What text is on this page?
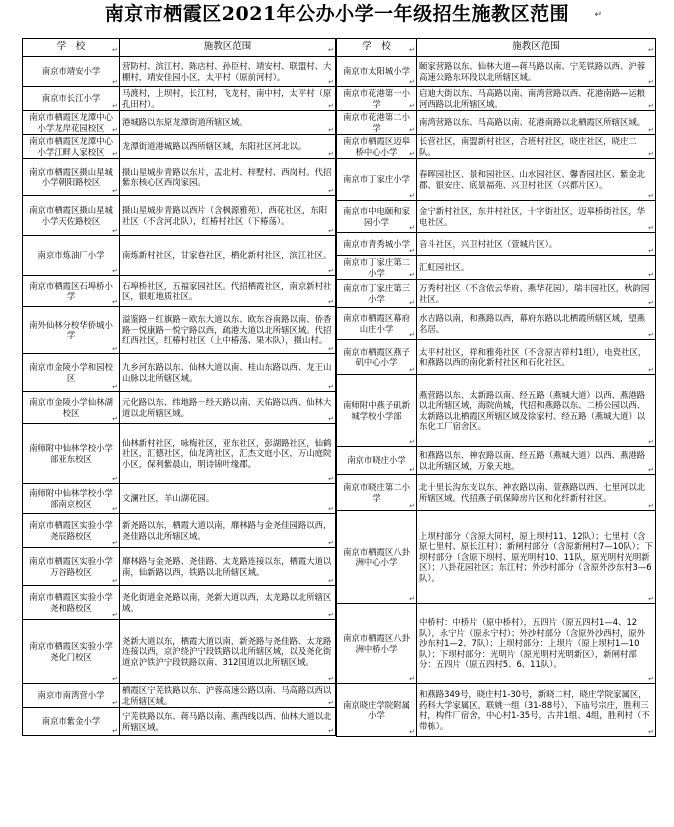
南京市栖霞区2021年公办小学一年级招生施教区范围	↵
学　校 ↵	施教区范围 ↵
南京市靖安小学 ↵	营防村、滨江村、陈店村、孙臣村、靖安村、联盟村、大棚村，靖安佳园小区，太平村（原前河村）。 ↵
南京市长江小学 ↵	马渡村，上坝村，长江村，飞龙村，南中村，太平村（原孔田村）。 ↵
南京市栖霞区龙潭中心小学龙岸花园校区 ↵	港城路以东原龙潭街道所辖区域。 ↵
南京市栖霞区龙潭中心小学江畔人家校区 ↵	龙潭街道港城路以西所辖区域，东阳社区河北以。 ↵
南京市栖霞区摄山星城小学朝阳路校区 ↵	摄山星城步青路以东片，盂北村、梓墅村、西岗村。代招紫东核心区西岗家园。 ↵
南京市栖霞区摄山星城小学天佐路校区 ↵	摄山星城步青路以西片（含枫源雅苑），西花社区，东阳社区（不含河北队），红椿村社区（下椿荡）。 ↵
南京市炼油厂小学 ↵	南炼新村社区，甘家巷社区，栖化新村社区，滨江社区。 ↵
南京市栖霞区石埠桥小学 ↵	石埠桥社区，五福家园社区。代招栖霞社区，南京新村社区，银虹地质社区。 ↵
南外仙林分校华侨城小学 ↵	溢鉴路－红旗路－欧东大道以东、欧东谷南路以南、侨香路－悦康路－悦宁路以西，疏港大道以北所辖区域。代招红西社区，红椿村社区（上中椿荡、果木队），摄山村。 ↵
南京市金陵小学和园校区 ↵	九乡河东路以东、仙林大道以南、桂山东路以西、龙王山山脉以北所辖区域。 ↵
南京市金陵小学仙林湖校区 ↵	元化路以东、纬地路－经天路以南、天佑路以西、仙林大道以北所辖区域。 ↵
南师附中仙林学校小学部亚东校区 ↵	仙林新村社区，咏梅社区，亚东社区，彭湖路社区，仙鹤社区，汇德社区，仙龙湾社区，汇杰文庭小区，万山庭院小区，保利紫晨山，明诗锦叶缘郡。 ↵
南师附中仙林学校小学部南京校区 ↵	文澜社区，羊山湖花园。 ↵
南京市栖霞区实验小学尧辰路校区 ↵	新尧路以东，栖霞大道以南，靡林路与金尧佳园路以西，尧佳路以北所辖区域。 ↵
南京市栖霞区实验小学万谷路校区 ↵	靡林路与金尧路、尧佳路、太龙路连接以东，栖霞大道以南，仙新路以西，铁路以北所辖区域。 ↵
南京市栖霞区实验小学尧和路校区 ↵	尧化街道金尧路以南，尧新大道以西，太龙路以北所辖区域。 ↵
南京市栖霞区实验小学尧化门校区 ↵	尧新大道以东，栖霞大道以南，新尧路与尧佳路、太龙路连接以西，京沪绕沪宁段铁路以北所辖区域，以及尧化街道京沪铁沪宁段铁路以南、312国道以北所辖区域。 ↵
南京市南湾营小学 ↵	栖霞区宁芜铁路以东、沪蓉高速公路以南、马高路以西以北所辖区域。 ↵
南京市紫金小学 ↵	宁芜铁路以东、蒋马路以南、燕西线以西、仙林大道以北所辖区域。 ↵
学　校 ↵	施教区范围 ↵
南京市太阳城小学 ↵	颐家营路以东、仙林大道—蒋马路以南、宁芜铁路以西、沪蓉高速公路东环段以北所辖区域。 ↵
南京市花港第一小学 ↵	启迪大街以东、马高路以南、南湾营路以西、花港南路—运粮河西路以北所辖区域。 ↵
南京市花港第二小学 ↵	南湾营路以东、马高路以南、花港南路以北栖霞区所辖区域。 ↵
南京市栖霞区迈皋桥中心小学 ↵	长营社区，南盟新村社区，合班村社区，晓庄社区，晓庄二队。 ↵
南京市丁家庄小学 ↵	春晖园社区、景和园社区、山水园社区、馨香园社区、紫金北郡、银安庄、底景福苑、兴卫村社区（兴都片区）。 ↵
南京市中电颐和家园小学 ↵	金宁新村社区，东井村社区，十字街社区，迈皋桥街社区，华电社区。 ↵
南京市青秀城小学 ↵	音斗社区，兴卫村社区（萱城片区）。 ↵
南京市丁家庄第二小学 ↵	汇虹园社区。 ↵
南京市丁家庄第三小学 ↵	万秀村社区（不含依云华府、燕华花园），瑞丰园社区，秋韵园社区。 ↵
南京市栖霞区幕府山庄小学 ↵	水吉路以南，和燕路以西，幕府东路以北栖霞所辖区域，望燕名居。 ↵
南京市栖霞区燕子矶中心小学 ↵	太平村社区，祥和雅苑社区（不含原吉祥村1组），电瓷社区，和燕路以西的南化新村社区和石化社区。 ↵
南师附中燕子矶新城学校小学部 ↵	燕营路以东、太新路以南、经五路（燕城大道）以西、燕港路以北所辖区域，海院尚城，代招和燕路以东、二桥公园以西、太新路以北栖霞区所辖区域及徐家村、经五路（燕城大道）以东化工厂宿舍区。 ↵
南京市晓庄小学 ↵	和燕路以东、神农路以南、经五路（燕城大道）以西、燕港路以北所辖区域，万象天地。 ↵
南京市晓庄第二小学 ↵	北十里长沟东支以东、神农路以南、萱燕路以西、七里河以北所辖区域。代招燕子矶保障房片区和化纤新村社区。 ↵
南京市栖霞区八卦洲中心小学 ↵	上坝村部分（含原大同村，原上坝村11、12队）；七里村（含原七里村、原长江村）；新闸村部分（含原新闸村7—10队）；下坝村部分（含原下坝村、原光明村10、11队，原光明村光明新区）；八卦花园社区；东江村；外沙村部分（含原外沙东村3—6队）。 ↵
南京市栖霞区八卦洲中桥小学 ↵	中桥村：中桥片（原中桥村），五四片（原五四村1—4、12队），永宁片（原永宁村）；外沙村部分（含原外沙西村，原外沙东村1—2、7队）；上坝村部分：上坝片（原上坝村1—10队）；下坝村部分：光明片（原光明村光明新区），新闸村部分：五四片（原五四村5、6、11队）。 ↵
南京晓庄学院附属小学 ↵	和燕路349号，晓庄村1-30号，新晓二村，晓庄学院家属区，药科大学家属区，联姚一组（31-88号），下庙号宗庄，胜利三村，构件厂宿舍，中心村1-35号，古井1组、4组，胜利村（不带栋）。 ↵
